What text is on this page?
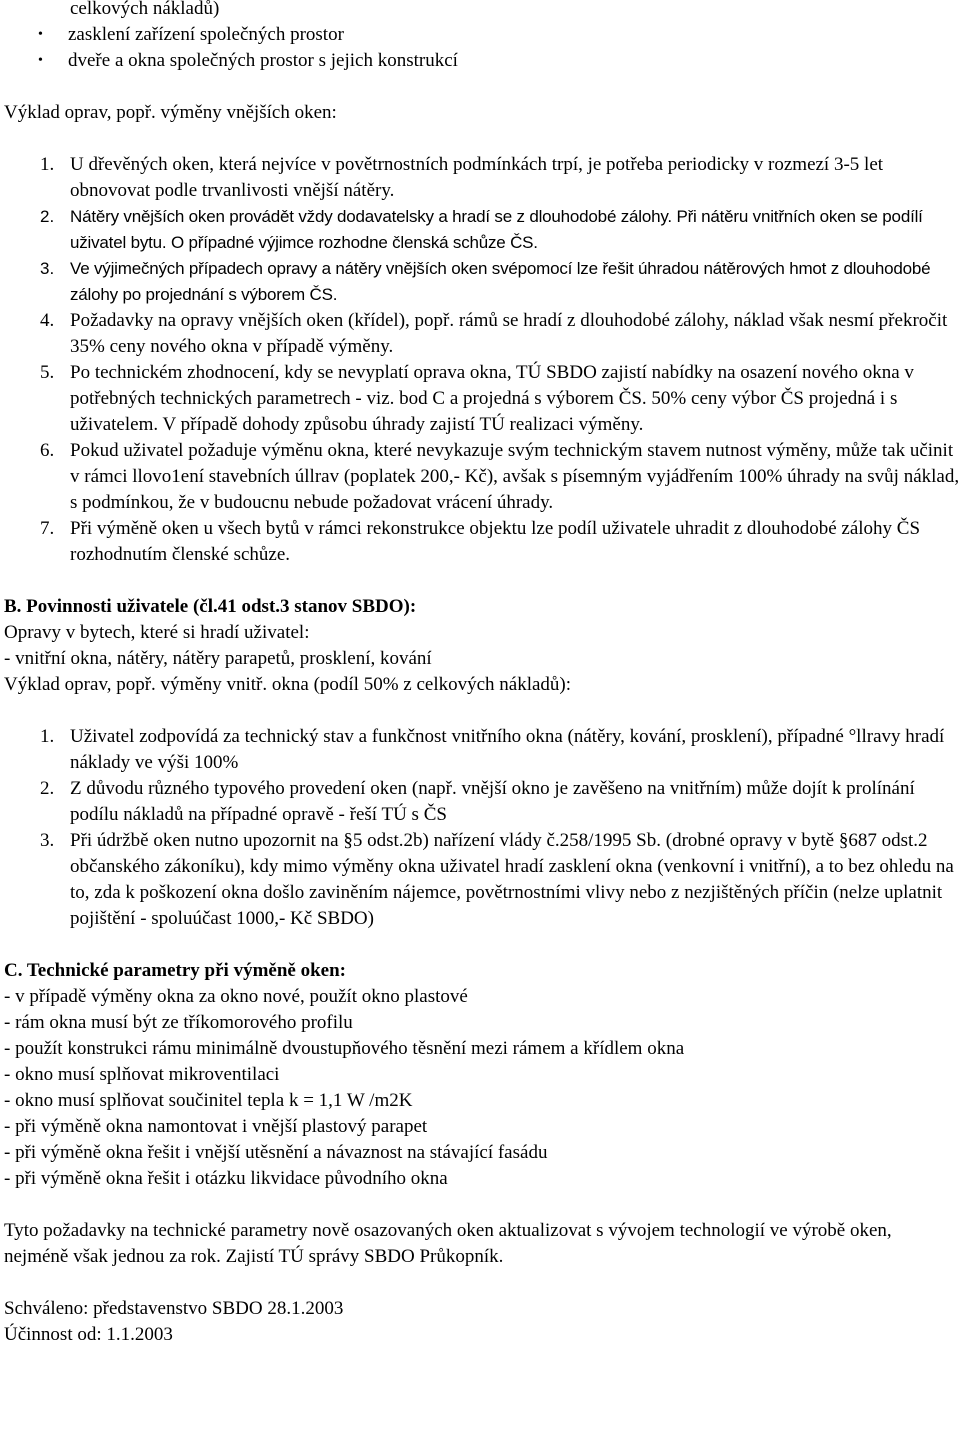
celkových nákladů)
•	zasklení zařízení společných prostor
•	dveře a okna společných prostor s jejich konstrukcí
Výklad oprav, popř. výměny vnějších oken:
1. U dřevěných oken, která nejvíce v povětrnostních podmínkách trpí, je potřeba periodicky v rozmezí 3-5 let obnovovat podle trvanlivosti vnější nátěry.
2. Nátěry vnějších oken provádět vždy dodavatelsky a hradí se z dlouhodobé zálohy. Při nátěru vnitřních oken se podílí uživatel bytu. O případné výjimce rozhodne členská schůze ČS.
3. Ve výjimečných případech opravy a nátěry vnějších oken svépomocí lze řešit úhradou nátěrových hmot z dlouhodobé zálohy po projednání s výborem ČS.
4. Požadavky na opravy vnějších oken (křídel), popř. rámů se hradí z dlouhodobé zálohy, náklad však nesmí překročit 35% ceny nového okna v případě výměny.
5. Po technickém zhodnocení, kdy se nevyplatí oprava okna, TÚ SBDO zajistí nabídky na osazení nového okna v potřebných technických parametrech - viz. bod C a projedná s výborem ČS. 50% ceny výbor ČS projedná i s uživatelem. V případě dohody způsobu úhrady zajistí TÚ realizaci výměny.
6. Pokud uživatel požaduje výměnu okna, které nevykazuje svým technickým stavem nutnost výměny, může tak učinit v rámci llovo1ení stavebních úllrav (poplatek 200,- Kč), avšak s písemným vyjádřením 100% úhrady na svůj náklad, s podmínkou, že v budoucnu nebude požadovat vrácení úhrady.
7. Při výměně oken u všech bytů v rámci rekonstrukce objektu lze podíl uživatele uhradit z dlouhodobé zálohy ČS rozhodnutím členské schůze.
B. Povinnosti uživatele (čl.41 odst.3 stanov SBDO):
Opravy v bytech, které si hradí uživatel:
- vnitřní okna, nátěry, nátěry parapetů, prosklení, kování
Výklad oprav, popř. výměny vnitř. okna (podíl 50% z celkových nákladů):
1. Uživatel zodpovídá za technický stav a funkčnost vnitřního okna (nátěry, kování, prosklení), případné °llravy hradí náklady ve výši 100%
2. Z důvodu různého typového provedení oken (např. vnější okno je zavěšeno na vnitřním) může dojít k prolínání podílu nákladů na případné opravě - řeší TÚ s ČS
3. Při údržbě oken nutno upozornit na §5 odst.2b) nařízení vlády č.258/1995 Sb. (drobné opravy v bytě §687 odst.2 občanského zákoníku), kdy mimo výměny okna uživatel hradí zasklení okna (venkovní i vnitřní), a to bez ohledu na to, zda k poškození okna došlo zaviněním nájemce, povětrnostními vlivy nebo z nezjištěných příčin (nelze uplatnit pojištění - spoluúčast 1000,- Kč SBDO)
C. Technické parametry při výměně oken:
- v případě výměny okna za okno nové, použít okno plastové
- rám okna musí být ze tříkomorového profilu
- použít konstrukci rámu minimálně dvoustupňového těsnění mezi rámem a křídlem okna
- okno musí splňovat mikroventilaci
- okno musí splňovat součinitel tepla k = 1,1 W /m2K
- při výměně okna namontovat i vnější plastový parapet
- při výměně okna řešit i vnější utěsnění a návaznost na stávající fasádu
- při výměně okna řešit i otázku likvidace původního okna
Tyto požadavky na technické parametry nově osazovaných oken aktualizovat s vývojem technologií ve výrobě oken, nejméně však jednou za rok. Zajistí TÚ správy SBDO Průkopník.
Schváleno: představenstvo SBDO 28.1.2003
Účinnost od: 1.1.2003
